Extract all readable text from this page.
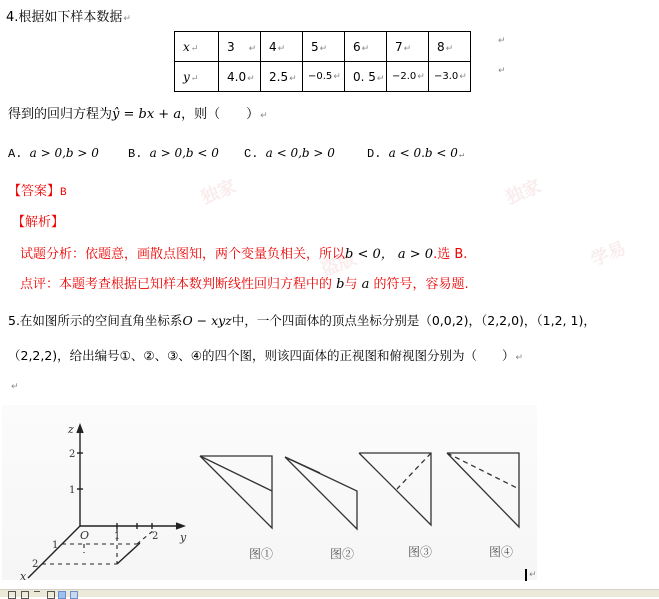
4.根据如下样本数据↵
x↵	3 ↵	4↵	5↵	6↵	7↵	8↵
y↵	4.0↵	2.5↵	−0.5↵	0. 5↵	−2.0↵	−3.0↵
↵
↵
得到的回归方程为ŷ = bx + a，则（　　）↵
A. a > 0,b > 0 B. a > 0,b < 0 C. a < 0,b > 0	D. a < 0.b < 0↵
独家	独家
学易
盗版
【答案】B
【解析】
试题分析：依题意，画散点图知，两个变量负相关，所以b < 0， a > 0.选 B.
点评：本题考查根据已知样本数判断线性回归方程中的 b与 a 的符号，容易题.
5.在如图所示的空间直角坐标系O − xyz中，一个四面体的顶点坐标分别是（0,0,2)，（2,2,0)，（1,2, 1)，
（2,2,2)，给出编号①、②、③、④的四个图，则该四面体的正视图和俯视图分别为（　　）↵
↵
z
y
x
O
2
1
1	2
1
2
图①	图②	图③	图④
↵
